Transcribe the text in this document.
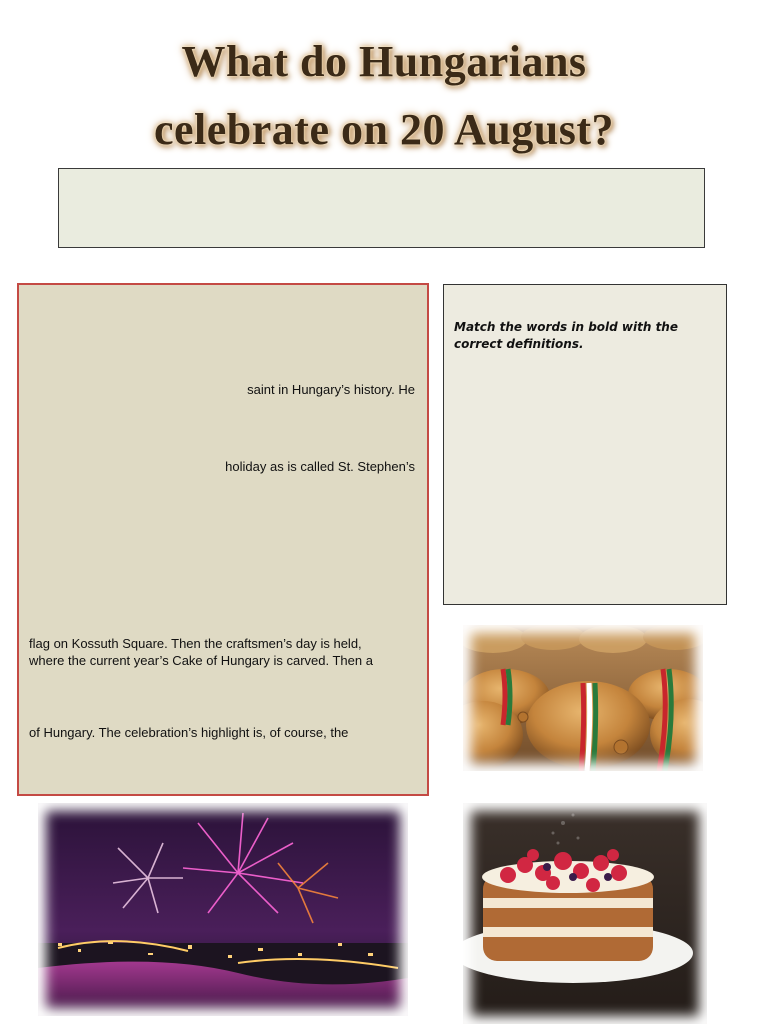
What do Hungarians
celebrate on 20 August?

saint in Hungary’s history. He

holiday as is called St. Stephen’s

flag on Kossuth Square. Then the craftsmen’s day is held,

where the current year’s Cake of Hungary is carved. Then a

of Hungary. The celebration’s highlight is, of course, the

Match the words in bold with the correct definitions.
